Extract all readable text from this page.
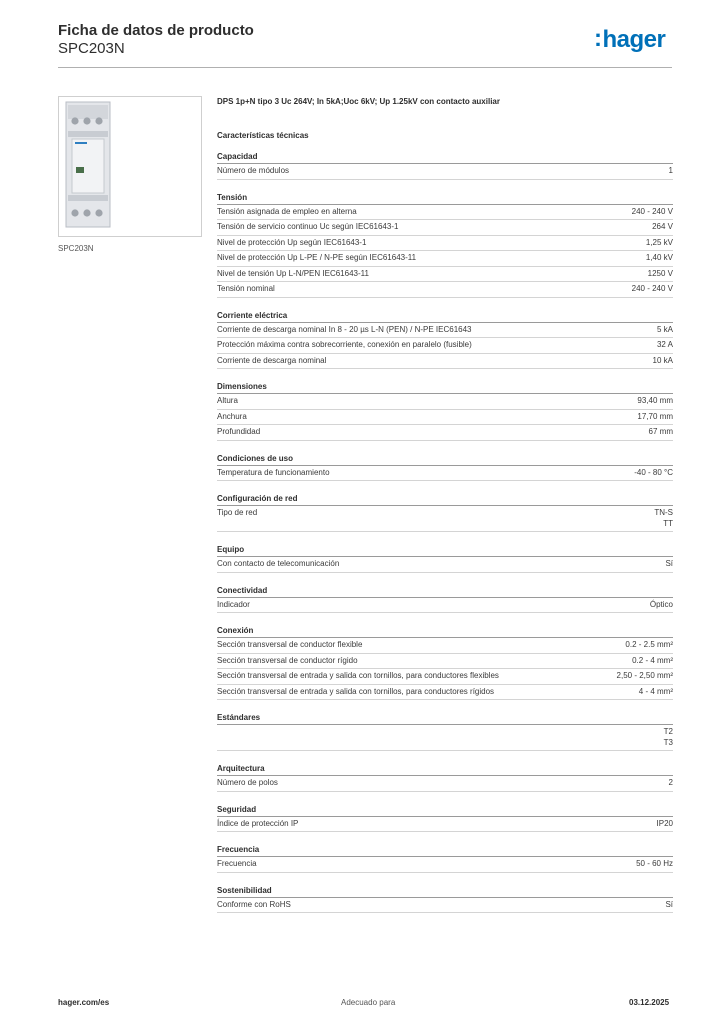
Ficha de datos de producto
SPC203N	:hager
SPC203N
DPS 1p+N tipo 3 Uc 264V; In 5kA;Uoc 6kV; Up 1.25kV con contacto auxiliar
Características técnicas
Capacidad
Número de módulos	1
Tensión
Tensión asignada de empleo en alterna	240 - 240 V
Tensión de servicio continuo Uc según IEC61643-1	264 V
Nivel de protección Up según IEC61643-1	1,25 kV
Nivel de protección Up L-PE / N-PE según IEC61643-11	1,40 kV
Nivel de tensión Up L-N/PEN IEC61643-11	1250 V
Tensión nominal	240 - 240 V
Corriente eléctrica
Corriente de descarga nominal In 8 - 20 µs L-N (PEN) / N-PE IEC61643	5 kA
Protección máxima contra sobrecorriente, conexión en paralelo (fusible)	32 A
Corriente de descarga nominal	10 kA
Dimensiones
Altura	93,40 mm
Anchura	17,70 mm
Profundidad	67 mm
Condiciones de uso
Temperatura de funcionamiento	-40 - 80 °C
Configuración de red
Tipo de red	TN-S
TT
Equipo
Con contacto de telecomunicación	Sí
Conectividad
Indicador	Óptico
Conexión
Sección transversal de conductor flexible	0.2 - 2.5 mm²
Sección transversal de conductor rígido	0.2 - 4 mm²
Sección transversal de entrada y salida con tornillos, para conductores flexibles	2,50 - 2,50 mm²
Sección transversal de entrada y salida con tornillos, para conductores rígidos	4 - 4 mm²
Estándares
T2
T3
Arquitectura
Número de polos	2
Seguridad
Índice de protección IP	IP20
Frecuencia
Frecuencia	50 - 60 Hz
Sostenibilidad
Conforme con RoHS	Sí
hager.com/es	Adecuado para	03.12.2025
